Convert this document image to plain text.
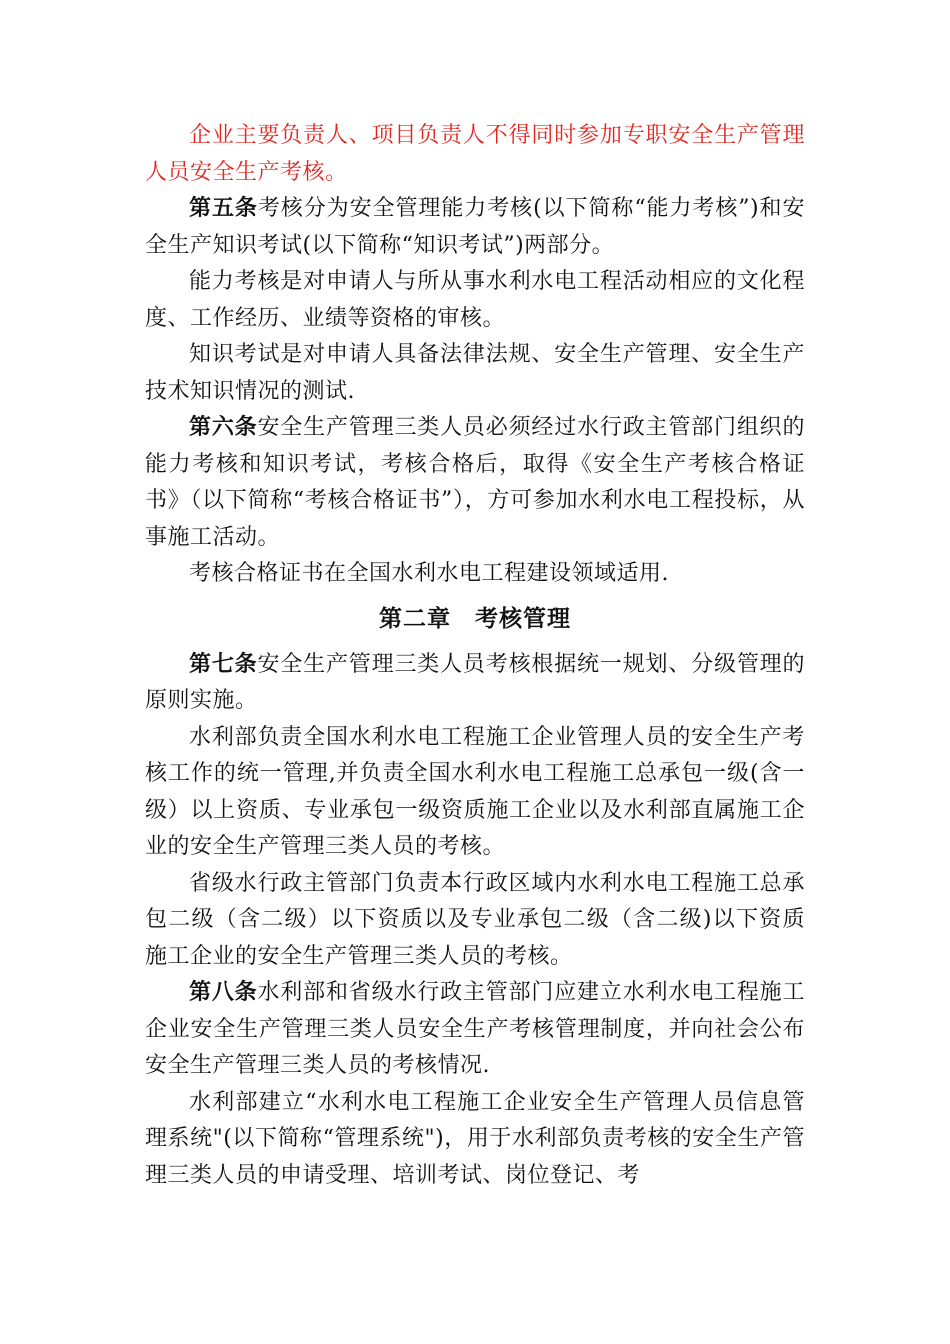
企业主要负责人、项目负责人不得同时参加专职安全生产管理人员安全生产考核。

第五条考核分为安全管理能力考核(以下简称“能力考核”)和安全生产知识考试(以下简称“知识考试”)两部分。

能力考核是对申请人与所从事水利水电工程活动相应的文化程度、工作经历、业绩等资格的审核。

知识考试是对申请人具备法律法规、安全生产管理、安全生产技术知识情况的测试.

第六条安全生产管理三类人员必须经过水行政主管部门组织的能力考核和知识考试，考核合格后，取得《安全生产考核合格证书》（以下简称“考核合格证书”），方可参加水利水电工程投标，从事施工活动。

考核合格证书在全国水利水电工程建设领域适用.

第二章　考核管理

第七条安全生产管理三类人员考核根据统一规划、分级管理的原则实施。

水利部负责全国水利水电工程施工企业管理人员的安全生产考核工作的统一管理,并负责全国水利水电工程施工总承包一级(含一级）以上资质、专业承包一级资质施工企业以及水利部直属施工企业的安全生产管理三类人员的考核。

省级水行政主管部门负责本行政区域内水利水电工程施工总承包二级（含二级）以下资质以及专业承包二级（含二级)以下资质施工企业的安全生产管理三类人员的考核。

第八条水利部和省级水行政主管部门应建立水利水电工程施工企业安全生产管理三类人员安全生产考核管理制度，并向社会公布安全生产管理三类人员的考核情况.

水利部建立“水利水电工程施工企业安全生产管理人员信息管理系统"(以下简称“管理系统")，用于水利部负责考核的安全生产管理三类人员的申请受理、培训考试、岗位登记、考
